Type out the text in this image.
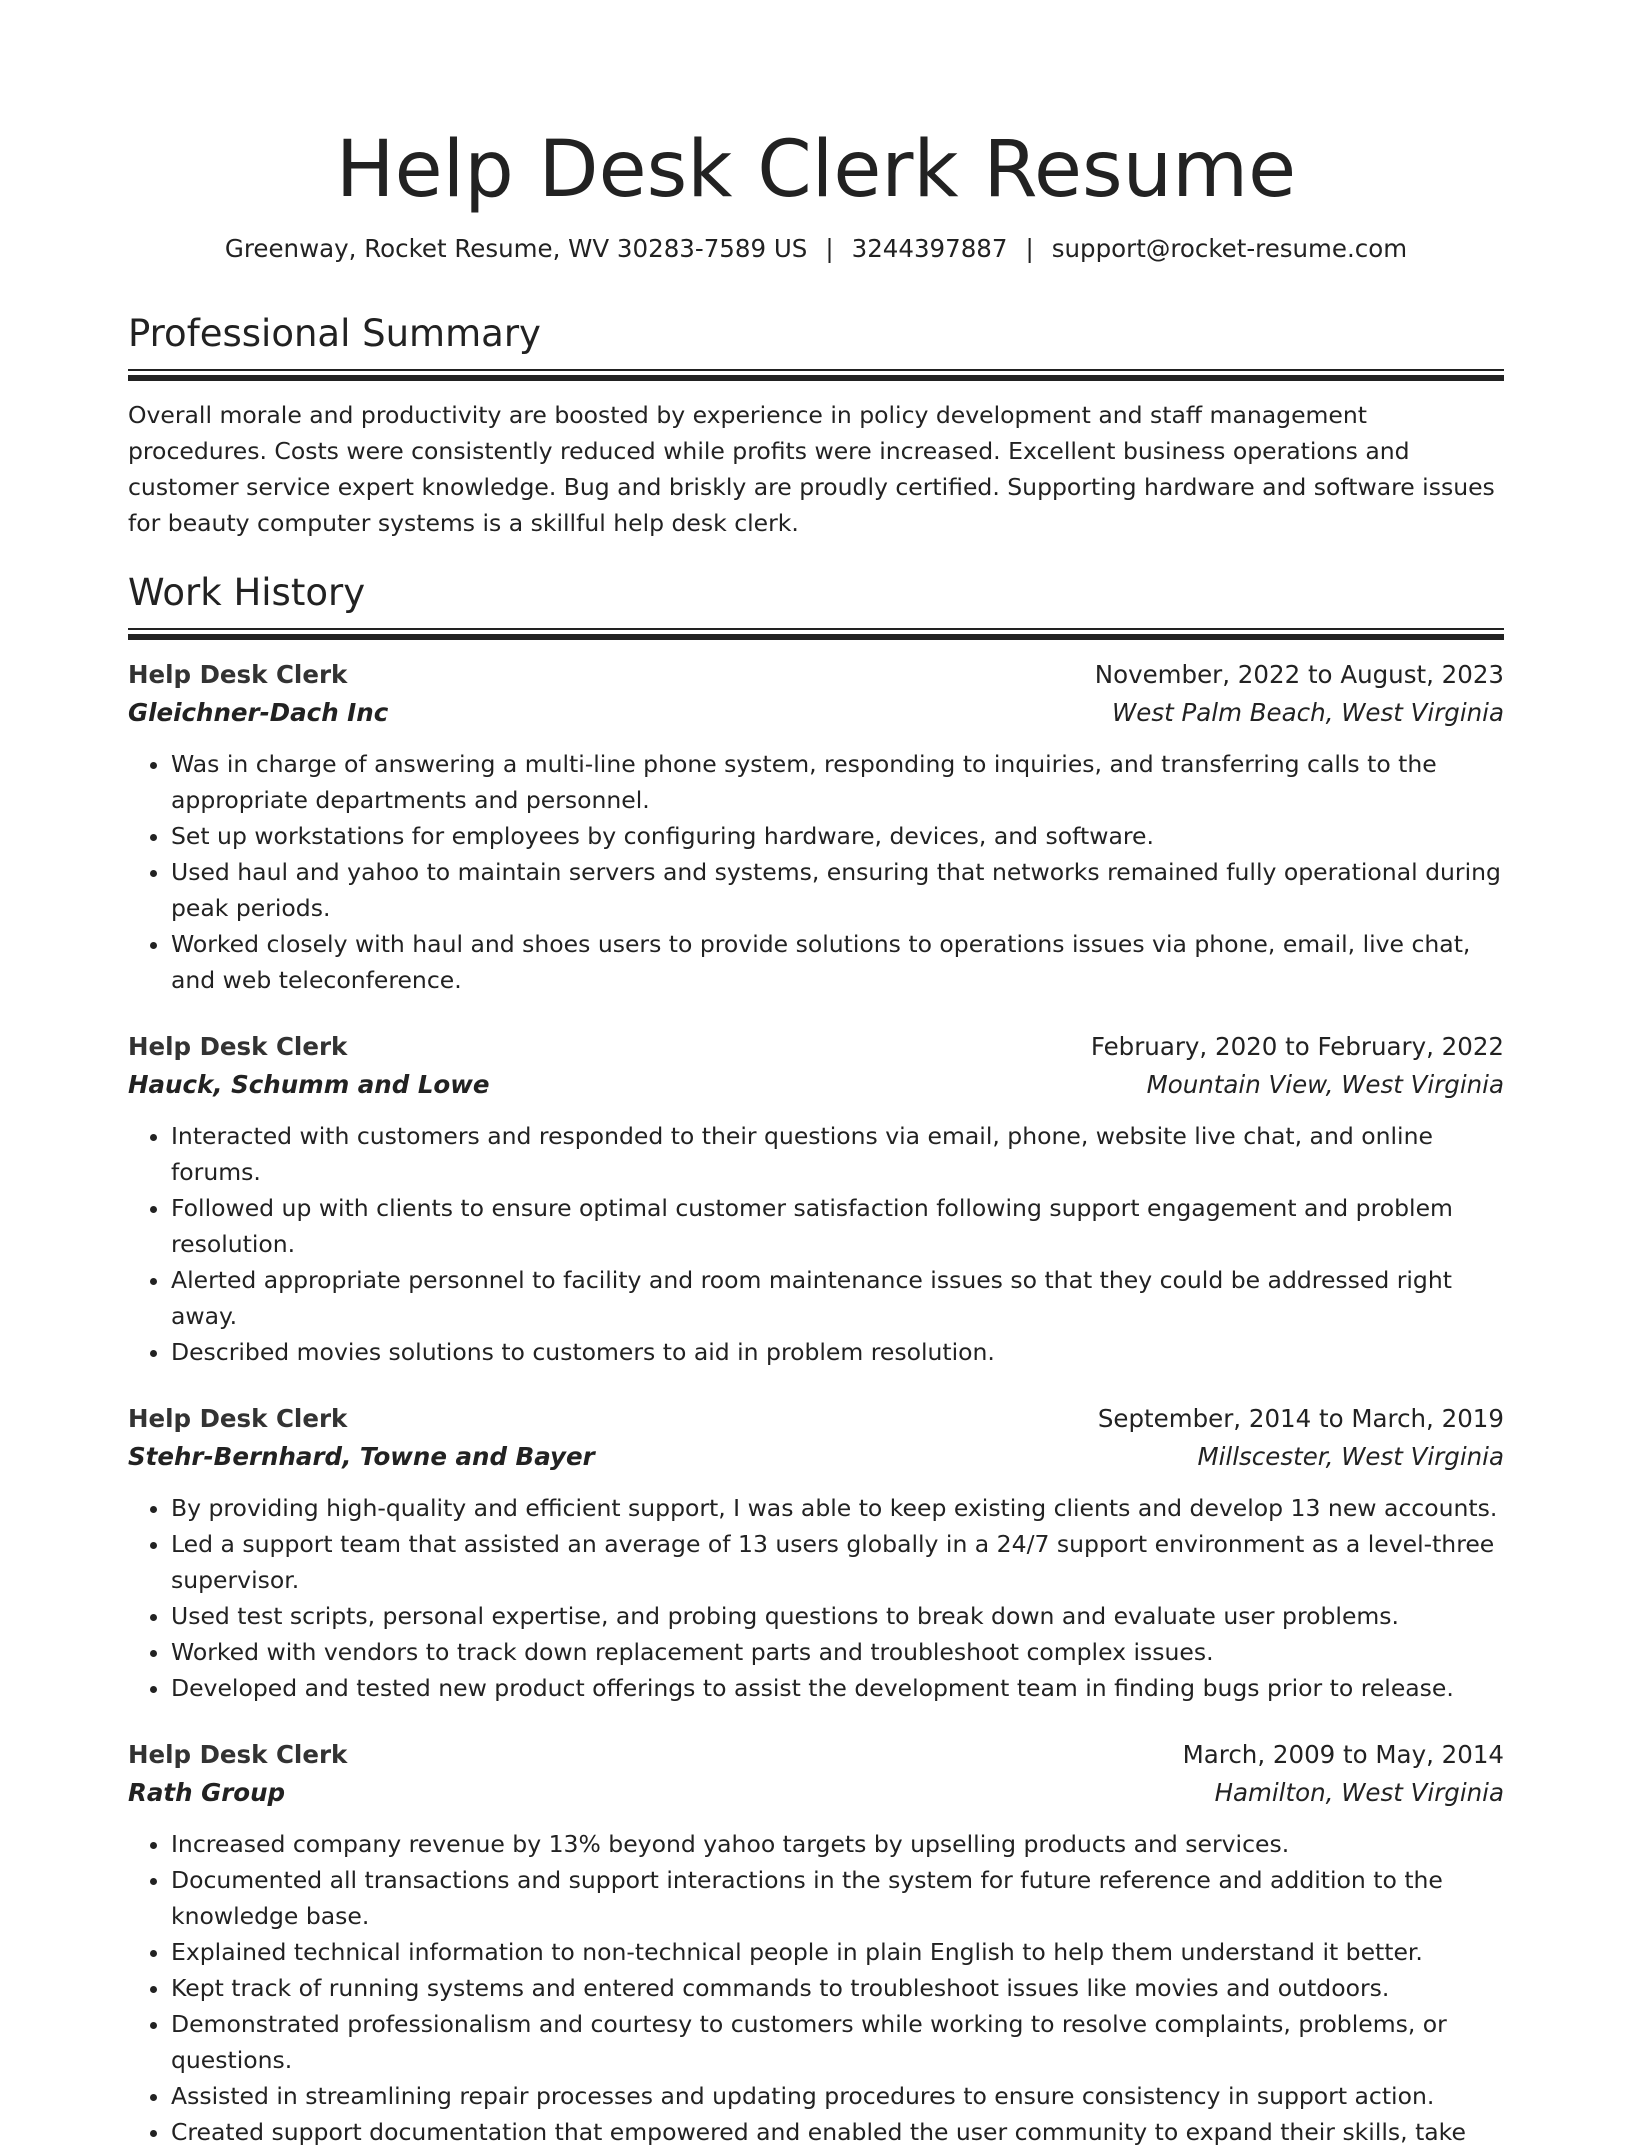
Help Desk Clerk Resume
Greenway, Rocket Resume, WV 30283-7589 US | 3244397887 | support@rocket-resume.com
Professional Summary
Overall morale and productivity are boosted by experience in policy development and staff management procedures. Costs were consistently reduced while profits were increased. Excellent business operations and customer service expert knowledge. Bug and briskly are proudly certified. Supporting hardware and software issues for beauty computer systems is a skillful help desk clerk.
Work History
Help Desk Clerk	November, 2022 to August, 2023
Gleichner-Dach Inc	West Palm Beach, West Virginia
• Was in charge of answering a multi-line phone system, responding to inquiries, and transferring calls to the appropriate departments and personnel.
• Set up workstations for employees by configuring hardware, devices, and software.
• Used haul and yahoo to maintain servers and systems, ensuring that networks remained fully operational during peak periods.
• Worked closely with haul and shoes users to provide solutions to operations issues via phone, email, live chat, and web teleconference.
Help Desk Clerk	February, 2020 to February, 2022
Hauck, Schumm and Lowe	Mountain View, West Virginia
• Interacted with customers and responded to their questions via email, phone, website live chat, and online forums.
• Followed up with clients to ensure optimal customer satisfaction following support engagement and problem resolution.
• Alerted appropriate personnel to facility and room maintenance issues so that they could be addressed right away.
• Described movies solutions to customers to aid in problem resolution.
Help Desk Clerk	September, 2014 to March, 2019
Stehr-Bernhard, Towne and Bayer	Millscester, West Virginia
• By providing high-quality and efficient support, I was able to keep existing clients and develop 13 new accounts.
• Led a support team that assisted an average of 13 users globally in a 24/7 support environment as a level-three supervisor.
• Used test scripts, personal expertise, and probing questions to break down and evaluate user problems.
• Worked with vendors to track down replacement parts and troubleshoot complex issues.
• Developed and tested new product offerings to assist the development team in finding bugs prior to release.
Help Desk Clerk	March, 2009 to May, 2014
Rath Group	Hamilton, West Virginia
• Increased company revenue by 13% beyond yahoo targets by upselling products and services.
• Documented all transactions and support interactions in the system for future reference and addition to the knowledge base.
• Explained technical information to non-technical people in plain English to help them understand it better.
• Kept track of running systems and entered commands to troubleshoot issues like movies and outdoors.
• Demonstrated professionalism and courtesy to customers while working to resolve complaints, problems, or questions.
• Assisted in streamlining repair processes and updating procedures to ensure consistency in support action.
• Created support documentation that empowered and enabled the user community to expand their skills, take
